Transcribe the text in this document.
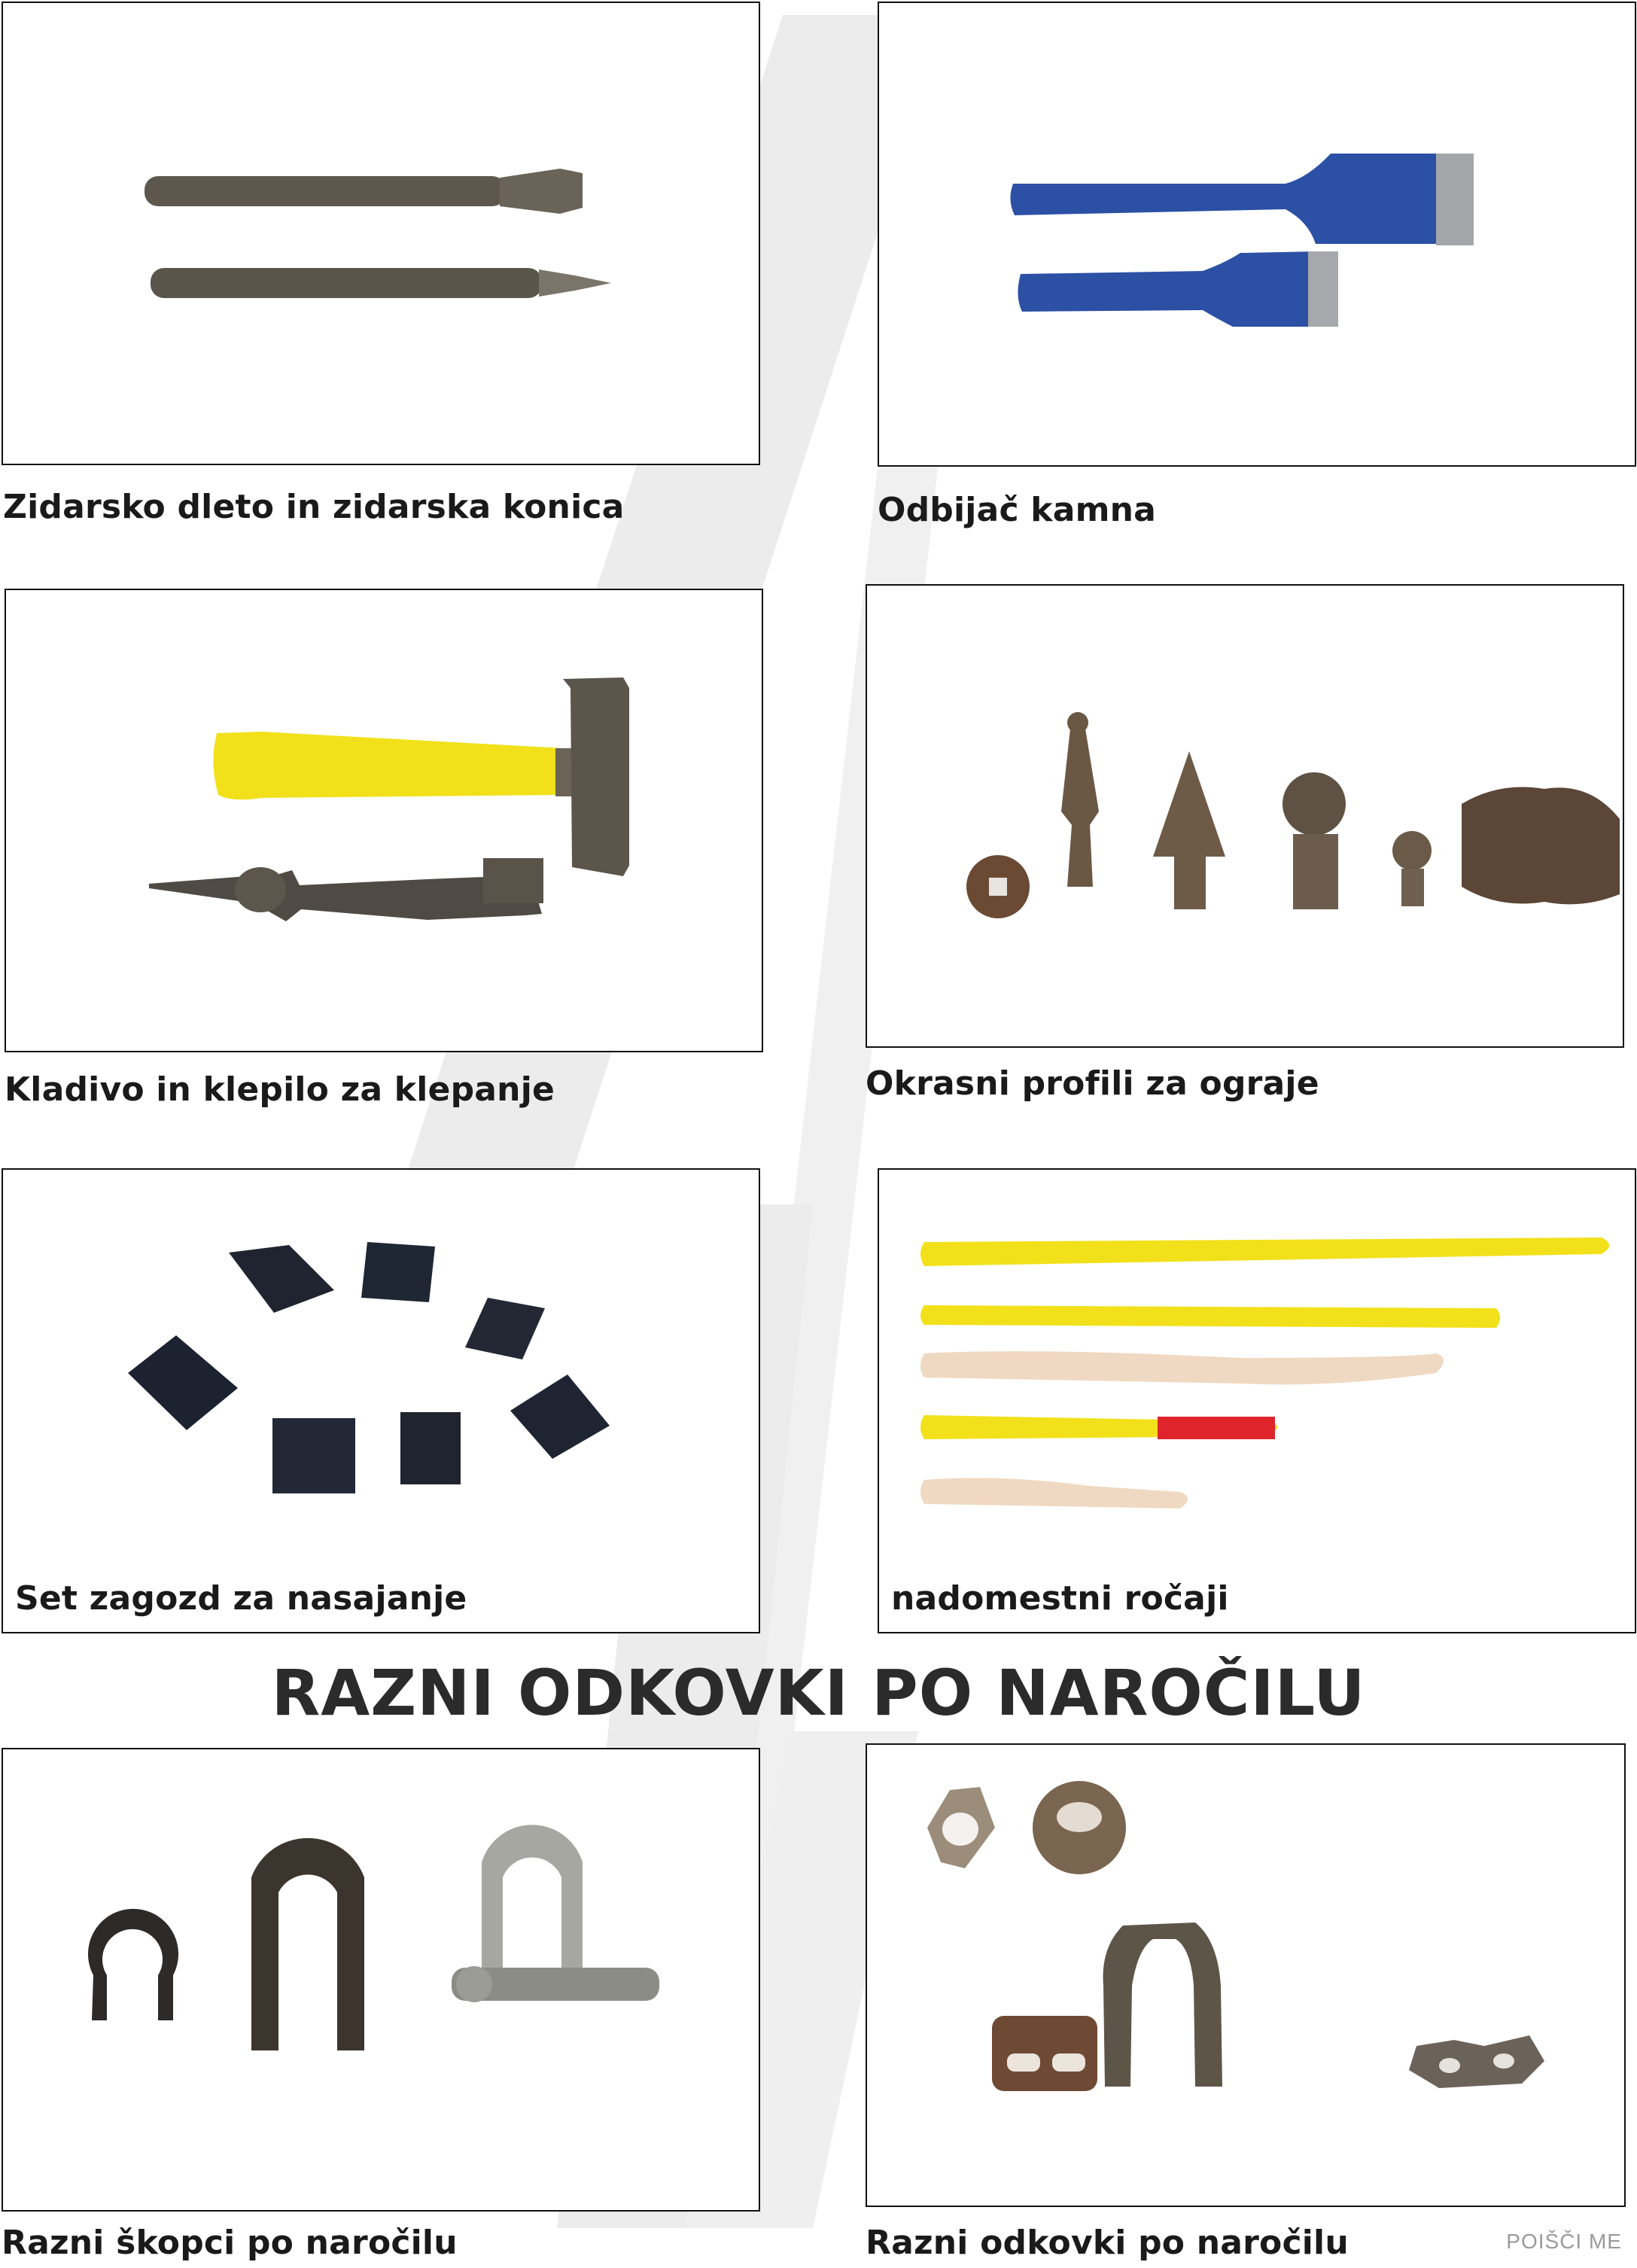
Zidarsko dleto in zidarska konica	Odbijač kamna
Kladivo in klepilo za klepanje	Okrasni profili za ograje
Set zagozd za nasajanje	nadomestni ročaji
RAZNI ODKOVKI PO NAROČILU
Razni škopci po naročilu	Razni odkovki po naročilu	POIŠČI ME
